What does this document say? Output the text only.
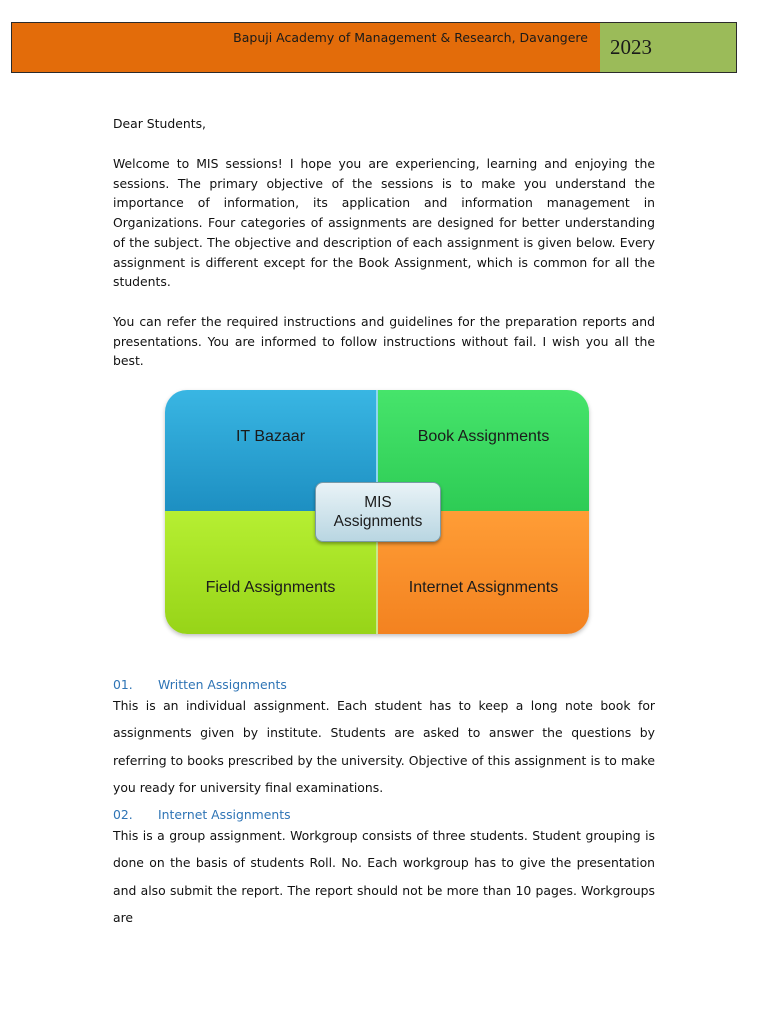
Bapuji Academy of Management & Research, Davangere 2023
Dear Students,
Welcome to MIS sessions! I hope you are experiencing, learning and enjoying the sessions. The primary objective of the sessions is to make you understand the importance of information, its application and information management in Organizations. Four categories of assignments are designed for better understanding of the subject. The objective and description of each assignment is given below. Every assignment is different except for the Book Assignment, which is common for all the students.
You can refer the required instructions and guidelines for the preparation reports and presentations. You are informed to follow instructions without fail. I wish you all the best.
IT Bazaar	Book Assignments
Field Assignments	Internet Assignments
MIS
Assignments
01. Written Assignments
This is an individual assignment. Each student has to keep a long note book for assignments given by institute. Students are asked to answer the questions by referring to books prescribed by the university. Objective of this assignment is to make you ready for university final examinations.
02. Internet Assignments
This is a group assignment. Workgroup consists of three students. Student grouping is done on the basis of students Roll. No. Each workgroup has to give the presentation and also submit the report. The report should not be more than 10 pages. Workgroups are
